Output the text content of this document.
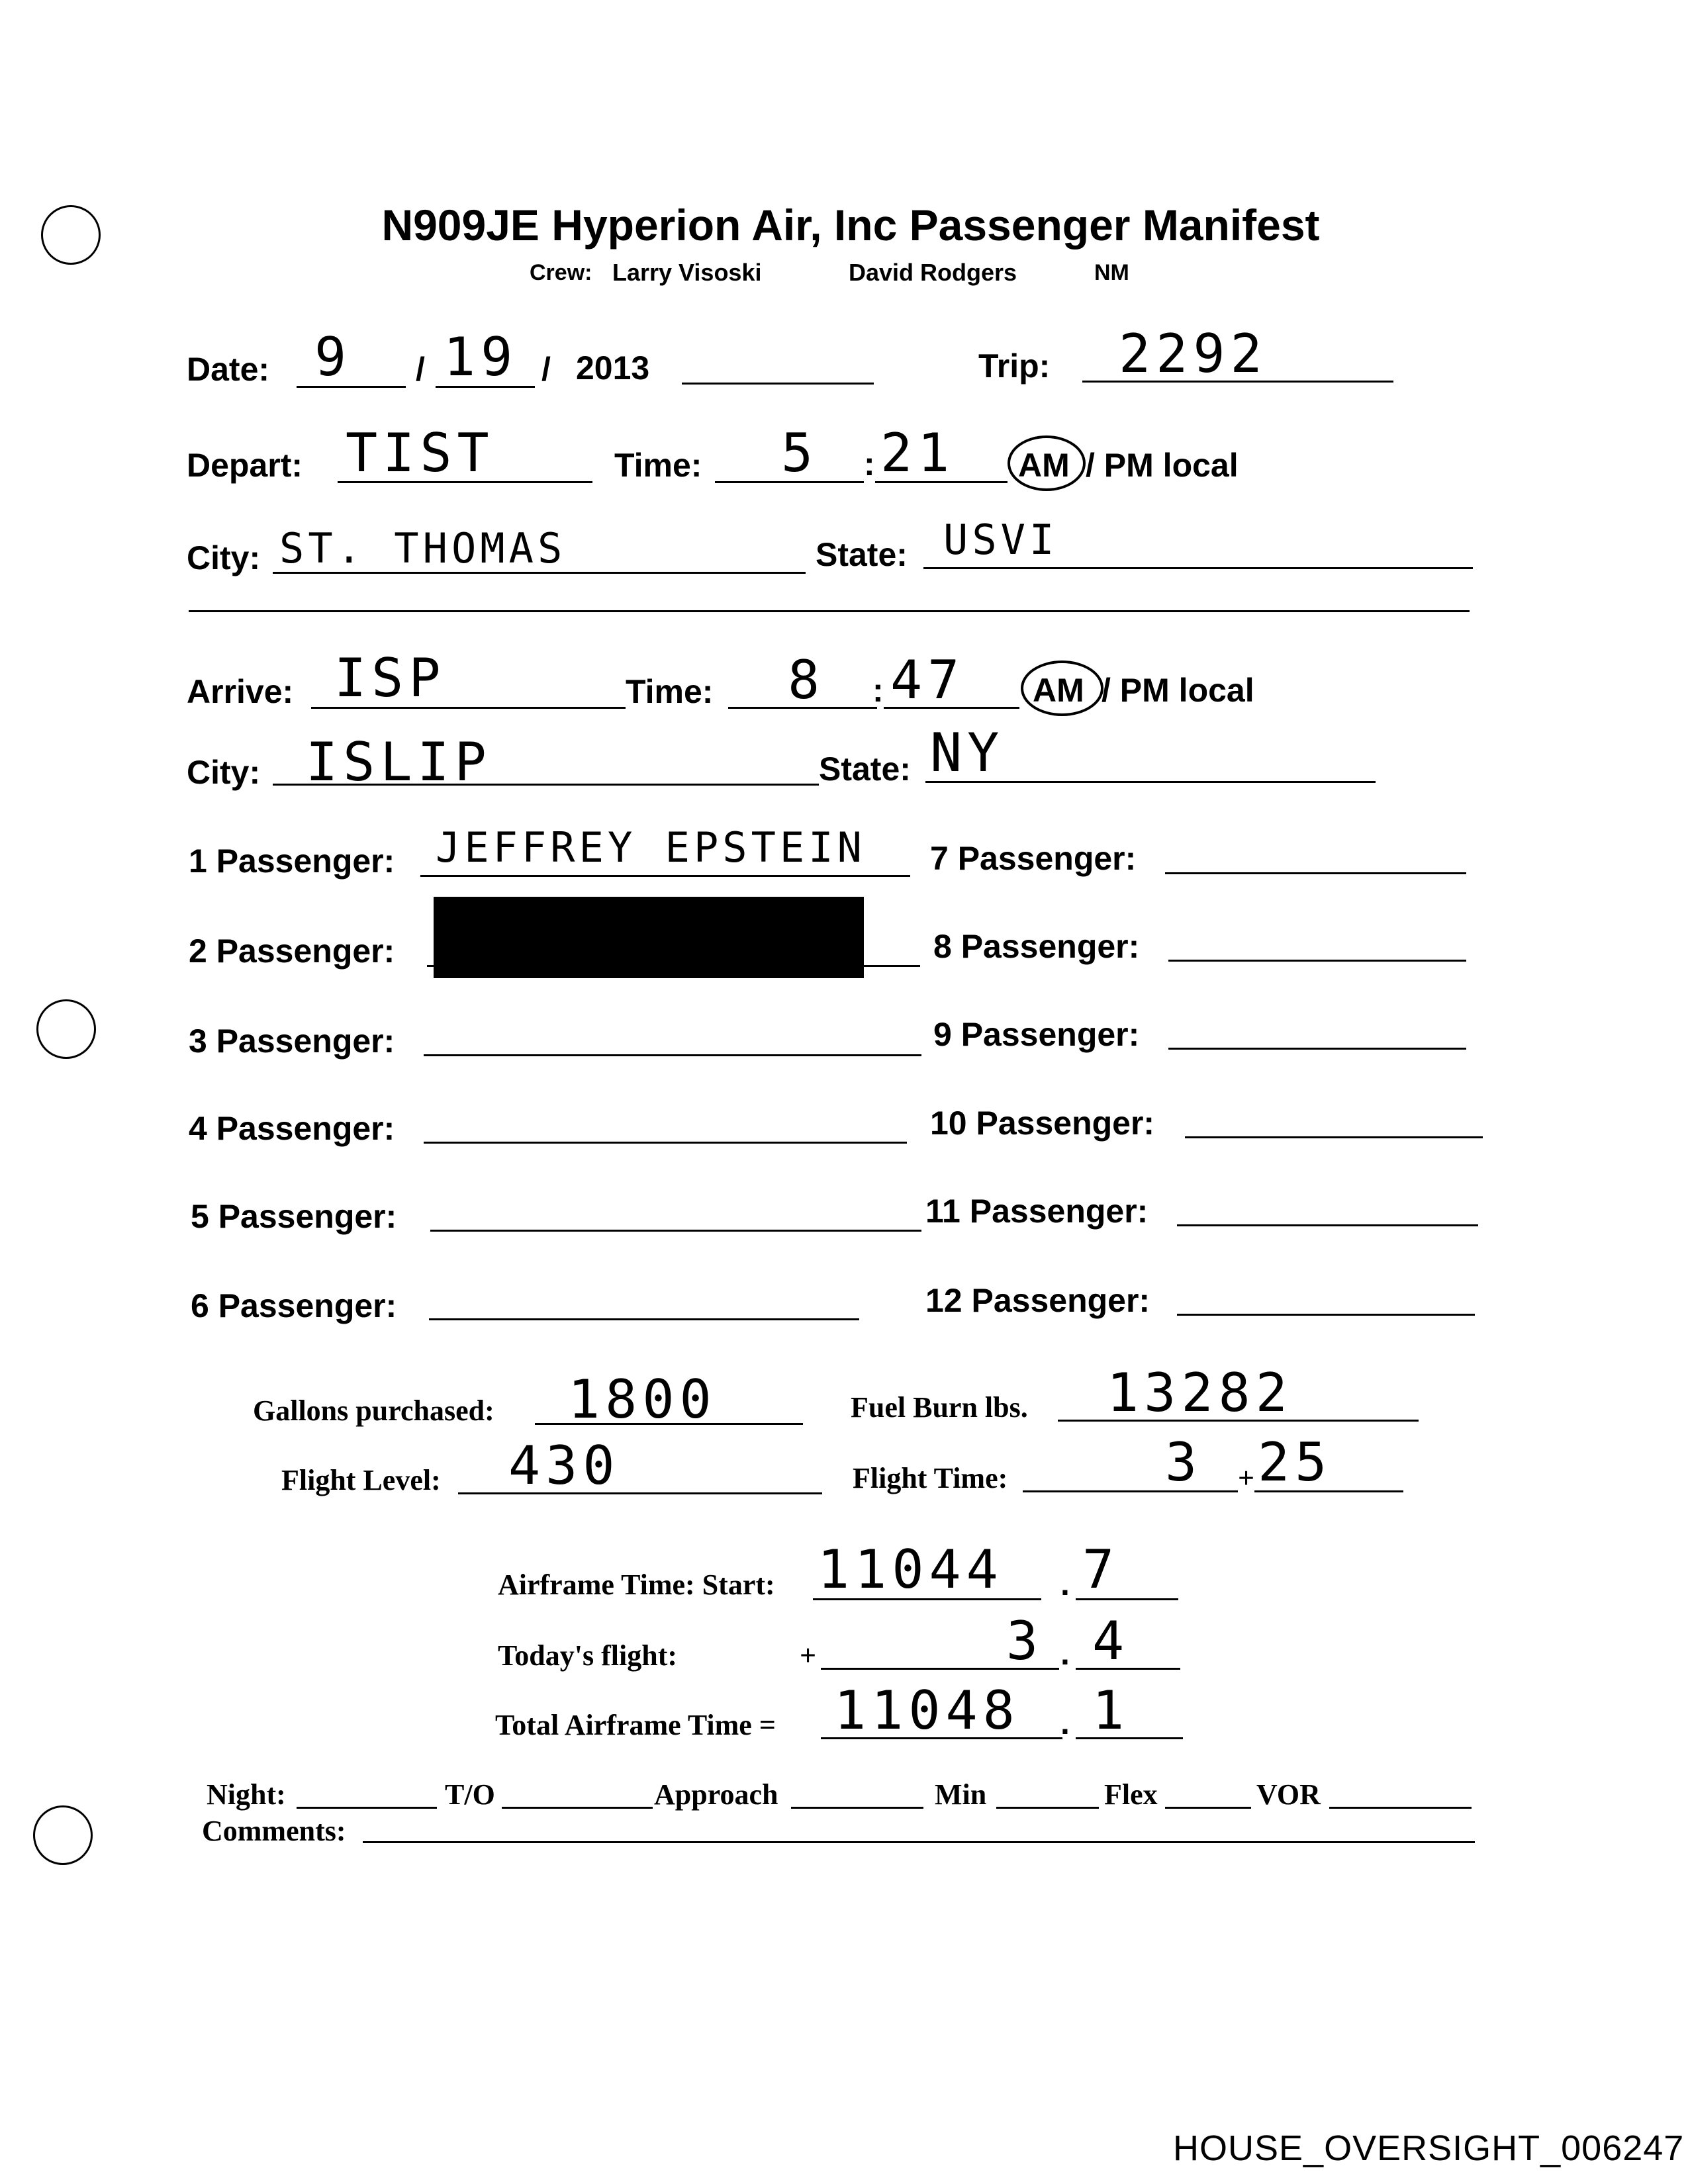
N909JE Hyperion Air, Inc Passenger Manifest
Crew: Larry Visoski	David Rodgers	NM
Date: 9 / 19 / 2013	Trip: 2292
Depart: TIST	Time: 5 : 21 AM / PM local
City: ST. THOMAS	State: USVI
Arrive: ISP	Time: 8 : 47 AM / PM local
City: ISLIP	State: NY
1 Passenger: JEFFREY EPSTEIN
2 Passenger:
3 Passenger:
4 Passenger:
5 Passenger:
6 Passenger:
7 Passenger:
8 Passenger:
9 Passenger:
10 Passenger:
11 Passenger:
12 Passenger:
Gallons purchased: 1800	Fuel Burn lbs. 13282
Flight Level: 430	Flight Time:	3 + 25
Airframe Time: Start: 11044 . 7
Today's flight:	+	3 . 4
Total Airframe Time = 11048 . 1
Night:	T/O	Approach	Min	Flex	VOR
Comments:
HOUSE_OVERSIGHT_006247
